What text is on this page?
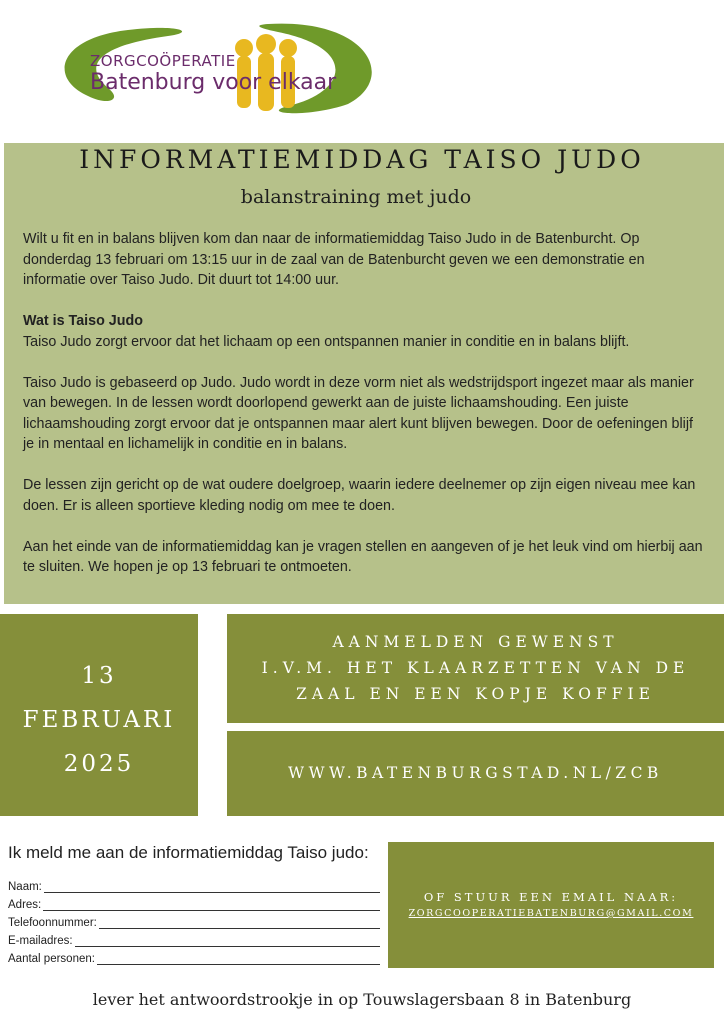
ZORGCOÖPERATIE
Batenburg voor elkaar
INFORMATIEMIDDAG TAISO JUDO
balanstraining met judo

Wilt u fit en in balans blijven kom dan naar de informatiemiddag Taiso Judo in de Batenburcht. Op donderdag 13 februari om 13:15 uur in de zaal van de Batenburcht geven we een demonstratie en informatie over Taiso Judo. Dit duurt tot 14:00 uur.

Wat is Taiso Judo
Taiso Judo zorgt ervoor dat het lichaam op een ontspannen manier in conditie en in balans blijft.

Taiso Judo is gebaseerd op Judo. Judo wordt in deze vorm niet als wedstrijdsport ingezet maar als manier van bewegen. In de lessen wordt doorlopend gewerkt aan de juiste lichaamshouding. Een juiste lichaamshouding zorgt ervoor dat je ontspannen maar alert kunt blijven bewegen. Door de oefeningen blijf je in mentaal en lichamelijk in conditie en in balans.

De lessen zijn gericht op de wat oudere doelgroep, waarin iedere deelnemer op zijn eigen niveau mee kan doen. Er is alleen sportieve kleding nodig om mee te doen.

Aan het einde van de informatiemiddag kan je vragen stellen en aangeven of je het leuk vind om hierbij aan te sluiten. We hopen je op 13 februari te ontmoeten.

13
FEBRUARI
2025
AANMELDEN GEWENST
I.V.M. HET KLAARZETTEN VAN DE
ZAAL EN EEN KOPJE KOFFIE
WWW.BATENBURGSTAD.NL/ZCB
Ik meld me aan de informatiemiddag Taiso judo:
Naam:
Adres:
Telefoonnummer:
E-mailadres:
Aantal personen:
OF STUUR EEN EMAIL NAAR:
ZORGCOOPERATIEBATENBURG@GMAIL.COM
lever het antwoordstrookje in op Touwslagersbaan 8 in Batenburg
